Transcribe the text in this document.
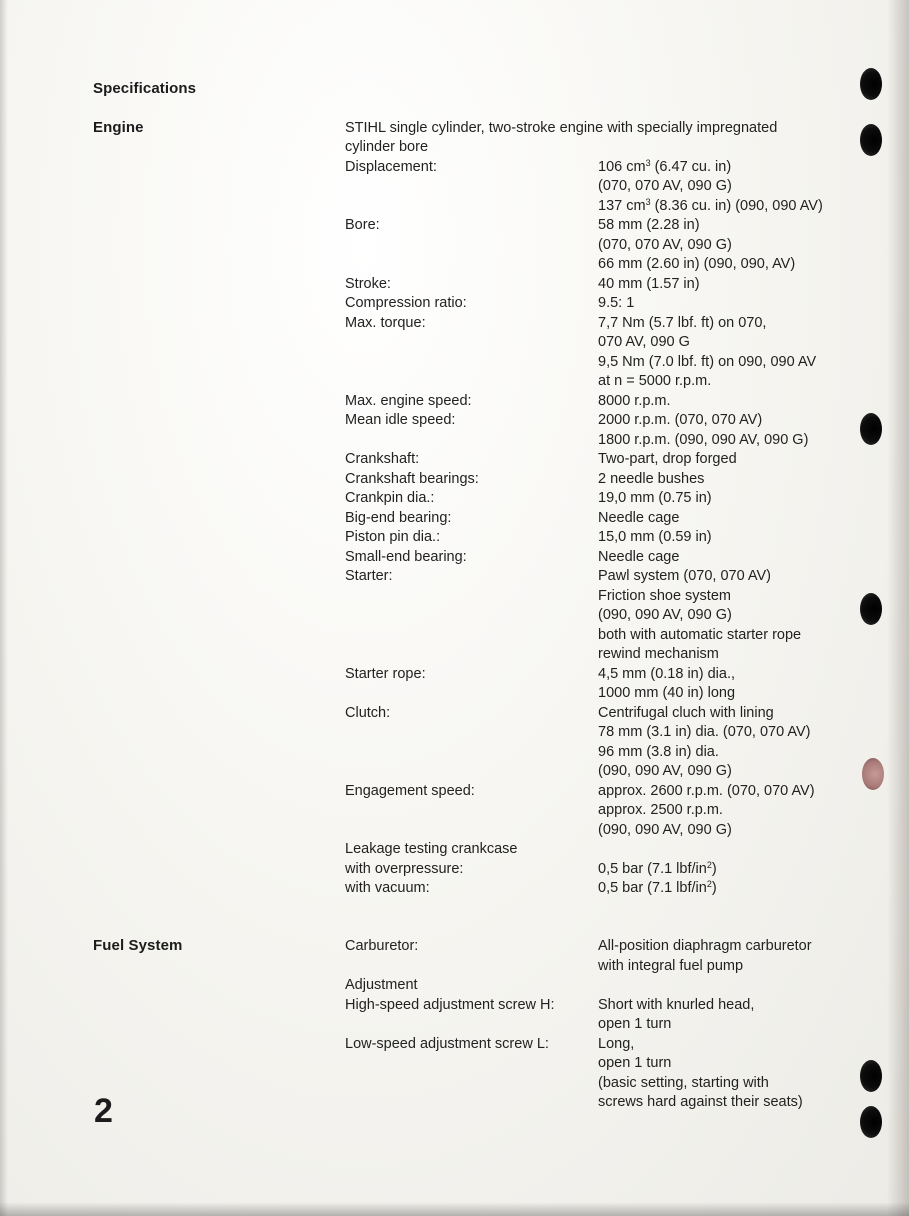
Specifications
Engine
Fuel System
STIHL single cylinder, two-stroke engine with specially impregnated
cylinder bore
Displacement:	106 $cm^3$ (6.47 cu. in)
(070, 070 AV, 090 G)
137 $cm^3$ (8.36 cu. in) (090, 090 AV)
Bore:	58 mm (2.28 in)
(070, 070 AV, 090 G)
66 mm (2.60 in) (090, 090, AV)
Stroke:	40 mm (1.57 in)
Compression ratio:	9.5: 1
Max. torque:	7,7 Nm (5.7 lbf. ft) on 070,
070 AV, 090 G
9,5 Nm (7.0 lbf. ft) on 090, 090 AV
at n = 5000 r.p.m.
Max. engine speed:	8000 r.p.m.
Mean idle speed:	2000 r.p.m. (070, 070 AV)
1800 r.p.m. (090, 090 AV, 090 G)
Crankshaft:	Two-part, drop forged
Crankshaft bearings:	2 needle bushes
Crankpin dia.:	19,0 mm (0.75 in)
Big-end bearing:	Needle cage
Piston pin dia.:	15,0 mm (0.59 in)
Small-end bearing:	Needle cage
Starter:	Pawl system (070, 070 AV)
Friction shoe system
(090, 090 AV, 090 G)
both with automatic starter rope
rewind mechanism
Starter rope:	4,5 mm (0.18 in) dia.,
1000 mm (40 in) long
Clutch:	Centrifugal cluch with lining
78 mm (3.1 in) dia. (070, 070 AV)
96 mm (3.8 in) dia.
(090, 090 AV, 090 G)
Engagement speed:	approx. 2600 r.p.m. (070, 070 AV)
approx. 2500 r.p.m.
(090, 090 AV, 090 G)
Leakage testing crankcase
with overpressure:	0,5 bar (7.1 lbf/$in^2$)
with vacuum:	0,5 bar (7.1 lbf/$in^2$)
Carburetor:	All-position diaphragm carburetor
with integral fuel pump
Adjustment
High-speed adjustment screw H:	Short with knurled head,
open 1 turn
Low-speed adjustment screw L:	Long,
open 1 turn
(basic setting, starting with
screws hard against their seats)
2
